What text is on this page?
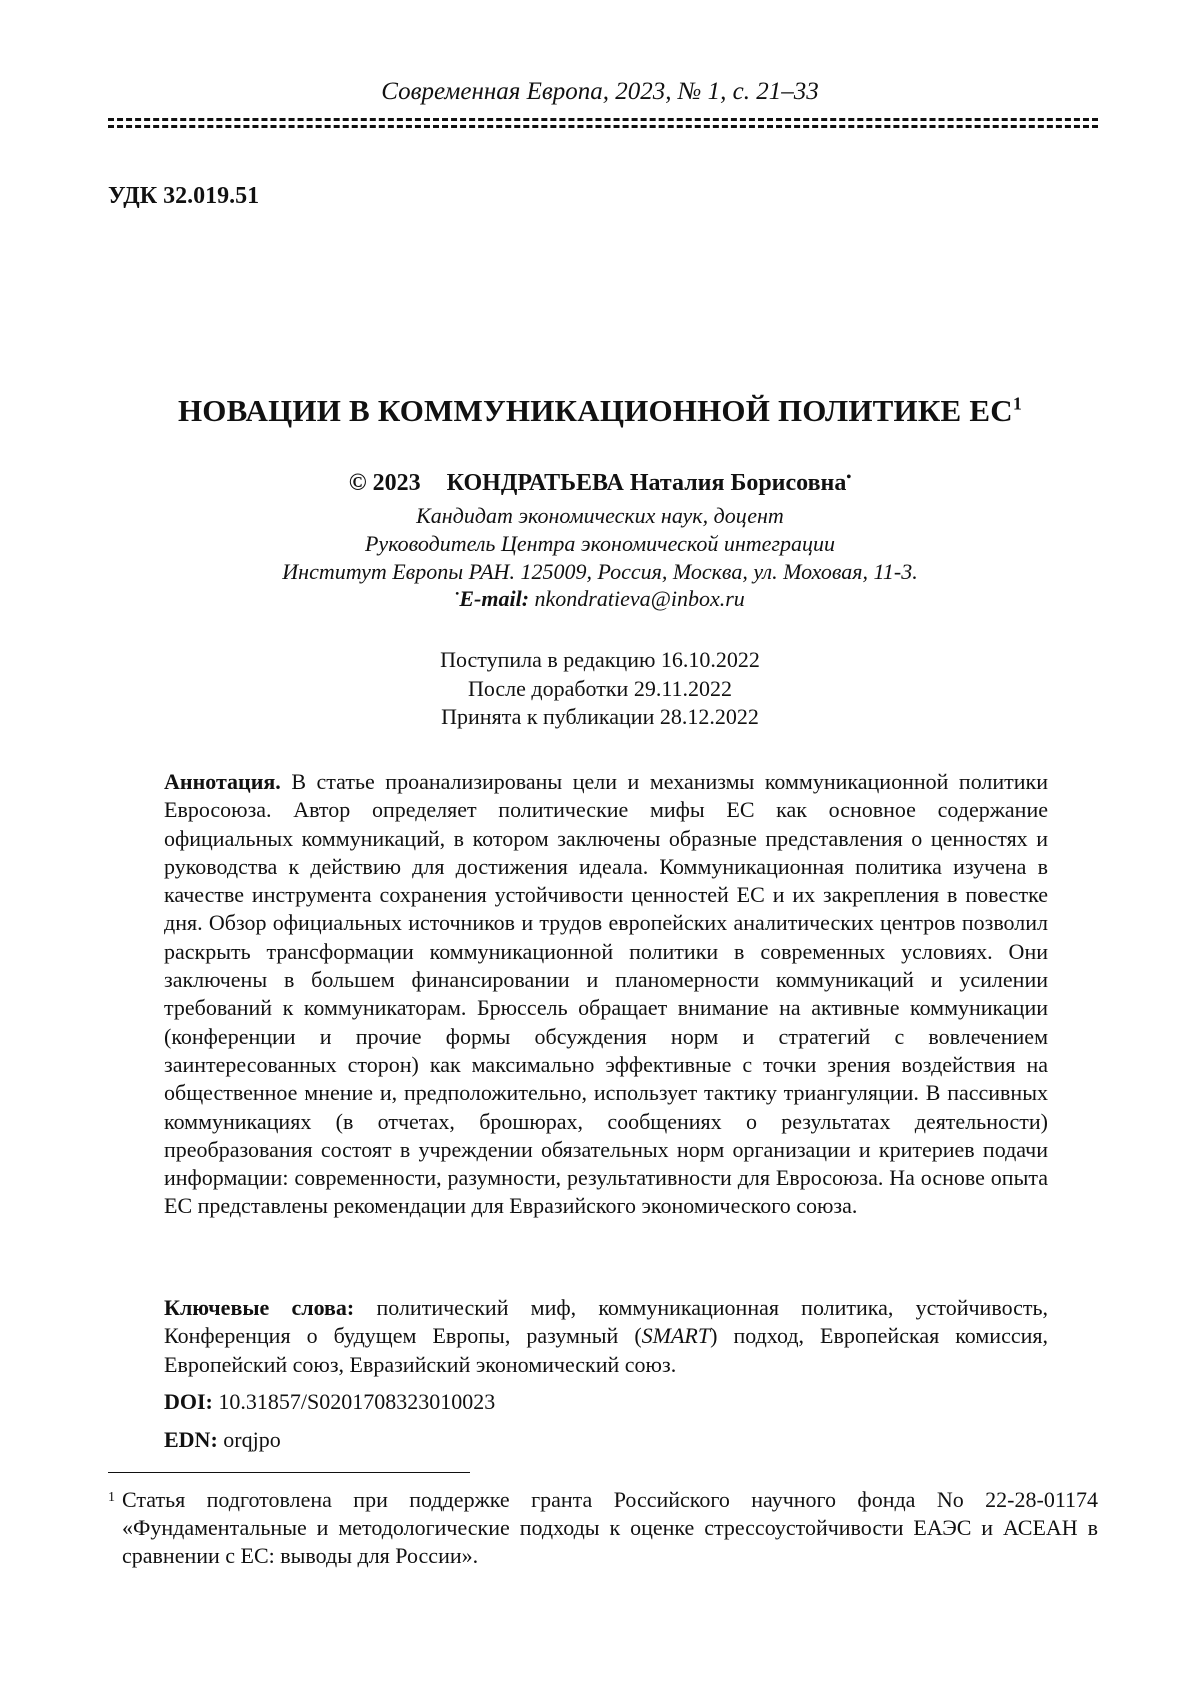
Современная Европа, 2023, № 1, с. 21–33
УДК 32.019.51
НОВАЦИИ В КОММУНИКАЦИОННОЙ ПОЛИТИКЕ $ЕС^1$
© 2023 КОНДРАТЬЕВА Наталия Борисовна•
Кандидат экономических наук, доцент
Руководитель Центра экономической интеграции
Институт Европы РАН. 125009, Россия, Москва, ул. Моховая, 11-3.
•E-mail: nkondratieva@inbox.ru
Поступила в редакцию 16.10.2022
После доработки 29.11.2022
Принята к публикации 28.12.2022

Аннотация. В статье проанализированы цели и механизмы коммуникационной политики Евросоюза. Автор определяет политические мифы ЕС как основное содержание официальных коммуникаций, в котором заключены образные представления о ценностях и руководства к действию для достижения идеала. Коммуникационная политика изучена в качестве инструмента сохранения устойчивости ценностей ЕС и их закрепления в повестке дня. Обзор официальных источников и трудов европейских аналитических центров позволил раскрыть трансформации коммуникационной политики в современных условиях. Они заключены в большем финансировании и планомерности коммуникаций и усилении требований к коммуникаторам. Брюссель обращает внимание на активные коммуникации (конференции и прочие формы обсуждения норм и стратегий с вовлечением заинтересованных сторон) как максимально эффективные с точки зрения воздействия на общественное мнение и, предположительно, использует тактику триангуляции. В пассивных коммуникациях (в отчетах, брошюрах, сообщениях о результатах деятельности) преобразования состоят в учреждении обязательных норм организации и критериев подачи информации: современности, разумности, результативности для Евросоюза. На основе опыта ЕС представлены рекомендации для Евразийского экономического союза.

Ключевые слова: политический миф, коммуникационная политика, устойчивость, Конференция о будущем Европы, разумный (SMART) подход, Европейская комиссия, Европейский союз, Евразийский экономический союз.

DOI: 10.31857/S0201708323010023
EDN: orqjpo
1 Статья подготовлена при поддержке гранта Российского научного фонда No 22-28-01174 «Фундаментальные и методологические подходы к оценке стрессоустойчивости ЕАЭС и АСЕАН в сравнении с ЕС: выводы для России».
